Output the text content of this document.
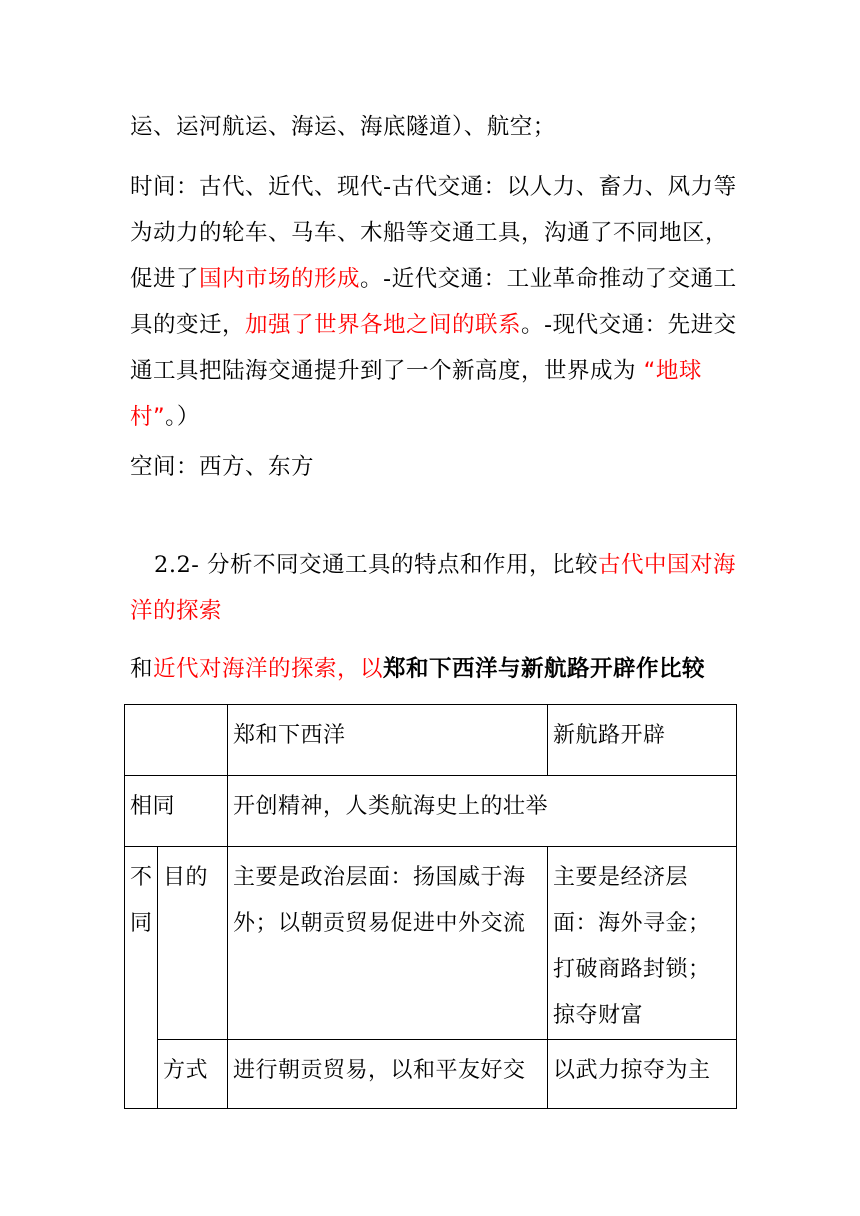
运、运河航运、海运、海底隧道）、航空；
时间：古代、近代、现代-古代交通：以人力、畜力、风力等为动力的轮车、马车、木船等交通工具，沟通了不同地区，促进了国内市场的形成。-近代交通：工业革命推动了交通工具的变迁，加强了世界各地之间的联系。-现代交通：先进交通工具把陆海交通提升到了一个新高度，世界成为 “地球村”。）
空间：西方、东方
2.2- 分析不同交通工具的特点和作用，比较古代中国对海洋的探索
和近代对海洋的探索，以郑和下西洋与新航路开辟作比较
		郑和下西洋	新航路开辟
相同		开创精神，人类航海史上的壮举	
不同	目的	主要是政治层面：扬国威于海外；以朝贡贸易促进中外交流	主要是经济层面：海外寻金；打破商路封锁；掠夺财富
	方式	进行朝贡贸易，以和平友好交	以武力掠夺为主
